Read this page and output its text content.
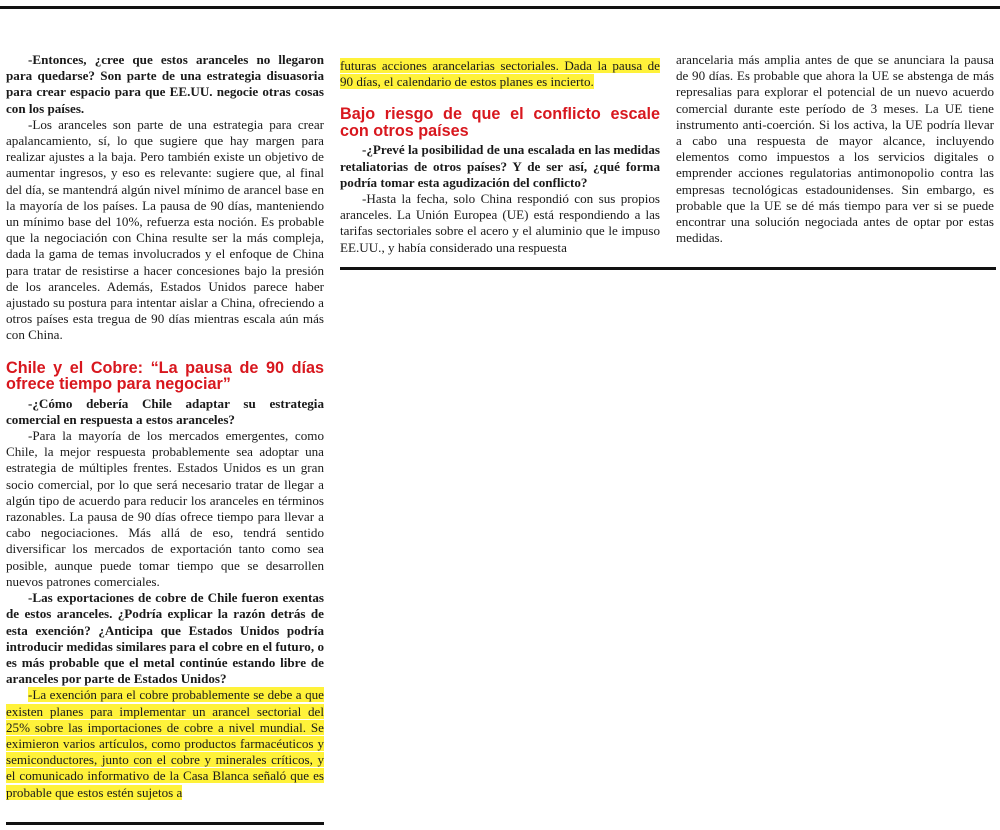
-Entonces, ¿cree que estos aranceles no llegaron para quedarse? Son parte de una estrategia disuasoria para crear espacio para que EE.UU. negocie otras cosas con los países.

-Los aranceles son parte de una estrategia para crear apalancamiento, sí, lo que sugiere que hay margen para realizar ajustes a la baja. Pero también existe un objetivo de aumentar ingresos, y eso es relevante: sugiere que, al final del día, se mantendrá algún nivel mínimo de arancel base en la mayoría de los países. La pausa de 90 días, manteniendo un mínimo base del 10%, refuerza esta noción. Es probable que la negociación con China resulte ser la más compleja, dada la gama de temas involucrados y el enfoque de China para tratar de resistirse a hacer concesiones bajo la presión de los aranceles. Además, Estados Unidos parece haber ajustado su postura para intentar aislar a China, ofreciendo a otros países esta tregua de 90 días mientras escala aún más con China.

Chile y el Cobre: “La pausa de 90 días ofrece tiempo para negociar”

-¿Cómo debería Chile adaptar su estrategia comercial en respuesta a estos aranceles?

-Para la mayoría de los mercados emergentes, como Chile, la mejor respuesta probablemente sea adoptar una estrategia de múltiples frentes. Estados Unidos es un gran socio comercial, por lo que será necesario tratar de llegar a algún tipo de acuerdo para reducir los aranceles en términos razonables. La pausa de 90 días ofrece tiempo para llevar a cabo negociaciones. Más allá de eso, tendrá sentido diversificar los mercados de exportación tanto como sea posible, aunque puede tomar tiempo que se desarrollen nuevos patrones comerciales.

-Las exportaciones de cobre de Chile fueron exentas de estos aranceles. ¿Podría explicar la razón detrás de esta exención? ¿Anticipa que Estados Unidos podría introducir medidas similares para el cobre en el futuro, o es más probable que el metal continúe estando libre de aranceles por parte de Estados Unidos?

-La exención para el cobre probablemente se debe a que existen planes para implementar un arancel sectorial del 25% sobre las importaciones de cobre a nivel mundial. Se eximieron varios artículos, como productos farmacéuticos y semiconductores, junto con el cobre y minerales críticos, y el comunicado informativo de la Casa Blanca señaló que es probable que estos estén sujetos a

futuras acciones arancelarias sectoriales. Dada la pausa de 90 días, el calendario de estos planes es incierto.

Bajo riesgo de que el conflicto escale con otros países

-¿Prevé la posibilidad de una escalada en las medidas retaliatorias de otros países? Y de ser así, ¿qué forma podría tomar esta agudización del conflicto?

-Hasta la fecha, solo China respondió con sus propios aranceles. La Unión Europea (UE) está respondiendo a las tarifas sectoriales sobre el acero y el aluminio que le impuso EE.UU., y había considerado una respuesta

arancelaria más amplia antes de que se anunciara la pausa de 90 días. Es probable que ahora la UE se abstenga de más represalias para explorar el potencial de un nuevo acuerdo comercial durante este período de 3 meses. La UE tiene instrumento anti-coerción. Si los activa, la UE podría llevar a cabo una respuesta de mayor alcance, incluyendo elementos como impuestos a los servicios digitales o emprender acciones regulatorias antimonopolio contra las empresas tecnológicas estadounidenses. Sin embargo, es probable que la UE se dé más tiempo para ver si se puede encontrar una solución negociada antes de optar por estas medidas.
